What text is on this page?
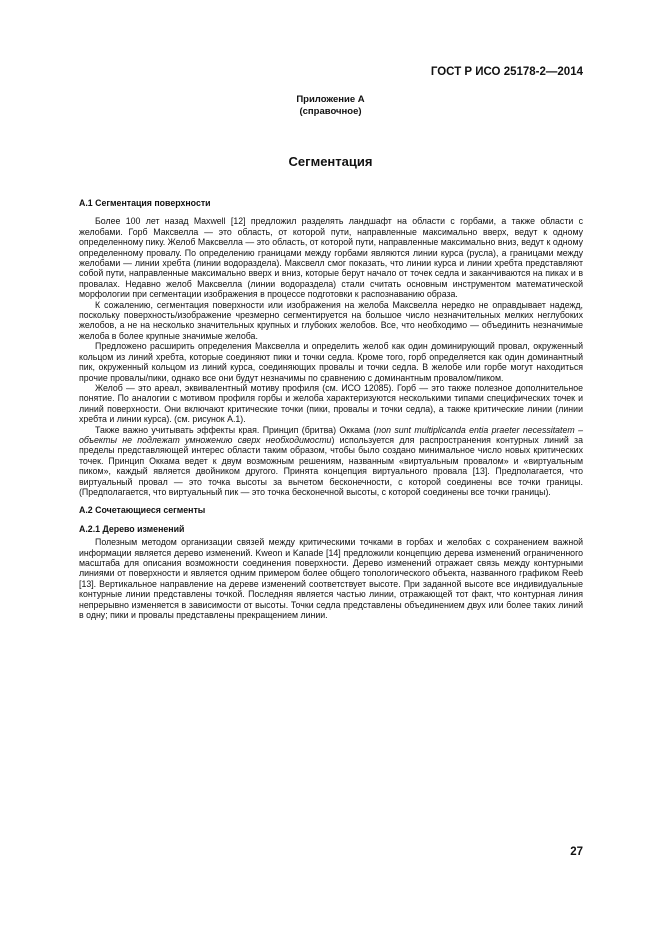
ГОСТ Р ИСО 25178-2—2014
Приложение А
(справочное)
Сегментация
А.1 Сегментация поверхности

Более 100 лет назад Maxwell [12] предложил разделять ландшафт на области с горбами, а также области с желобами. Горб Максвелла — это область, от которой пути, направленные максимально вверх, ведут к одному определенному пику. Желоб Максвелла — это область, от которой пути, направленные максимально вниз, ведут к одному определенному провалу. По определению границами между горбами являются линии курса (русла), а границами между желобами — линии хребта (линии водораздела). Максвелл смог показать, что линии курса и линии хребта представляют собой пути, направленные максимально вверх и вниз, которые берут начало от точек седла и заканчиваются на пиках и в провалах. Недавно желоб Максвелла (линии водораздела) стали считать основным инструментом математической морфологии при сегментации изображения в процессе подготовки к распознаванию образа.

К сожалению, сегментация поверхности или изображения на желоба Максвелла нередко не оправдывает надежд, поскольку поверхность/изображение чрезмерно сегментируется на большое число незначительных мелких неглубоких желобов, а не на несколько значительных крупных и глубоких желобов. Все, что необходимо — объединить незначимые желоба в более крупные значимые желоба.

Предложено расширить определения Максвелла и определить желоб как один доминирующий провал, окруженный кольцом из линий хребта, которые соединяют пики и точки седла. Кроме того, горб определяется как один доминантный пик, окруженный кольцом из линий курса, соединяющих провалы и точки седла. В желобе или горбе могут находиться прочие провалы/пики, однако все они будут незначимы по сравнению с доминантным провалом/пиком.

Желоб — это ареал, эквивалентный мотиву профиля (см. ИСО 12085). Горб — это также полезное дополнительное понятие. По аналогии с мотивом профиля горбы и желоба характеризуются несколькими типами специфических точек и линий поверхности. Они включают критические точки (пики, провалы и точки седла), а также критические линии (линии хребта и линии курса). (см. рисунок А.1).

Также важно учитывать эффекты края. Принцип (бритва) Оккама (non sunt multiplicanda entia praeter necessitatem – объекты не подлежат умножению сверх необходимости) используется для распространения контурных линий за пределы представляющей интерес области таким образом, чтобы было создано минимальное число новых критических точек. Принцип Оккама ведет к двум возможным решениям, названным «виртуальным провалом» и «виртуальным пиком», каждый является двойником другого. Принята концепция виртуального провала [13]. Предполагается, что виртуальный провал — это точка высоты за вычетом бесконечности, с которой соединены все точки границы. (Предполагается, что виртуальный пик — это точка бесконечной высоты, с которой соединены все точки границы).

А.2 Сочетающиеся сегменты
А.2.1 Дерево изменений

Полезным методом организации связей между критическими точками в горбах и желобах с сохранением важной информации является дерево изменений. Kweon и Kanade [14] предложили концепцию дерева изменений ограниченного масштаба для описания возможности соединения поверхности. Дерево изменений отражает связь между контурными линиями от поверхности и является одним примером более общего топологического объекта, названного графиком Reeb [13]. Вертикальное направление на дереве изменений соответствует высоте. При заданной высоте все индивидуальные контурные линии представлены точкой. Последняя является частью линии, отражающей тот факт, что контурная линия непрерывно изменяется в зависимости от высоты. Точки седла представлены объединением двух или более таких линий в одну; пики и провалы представлены прекращением линии.

27
